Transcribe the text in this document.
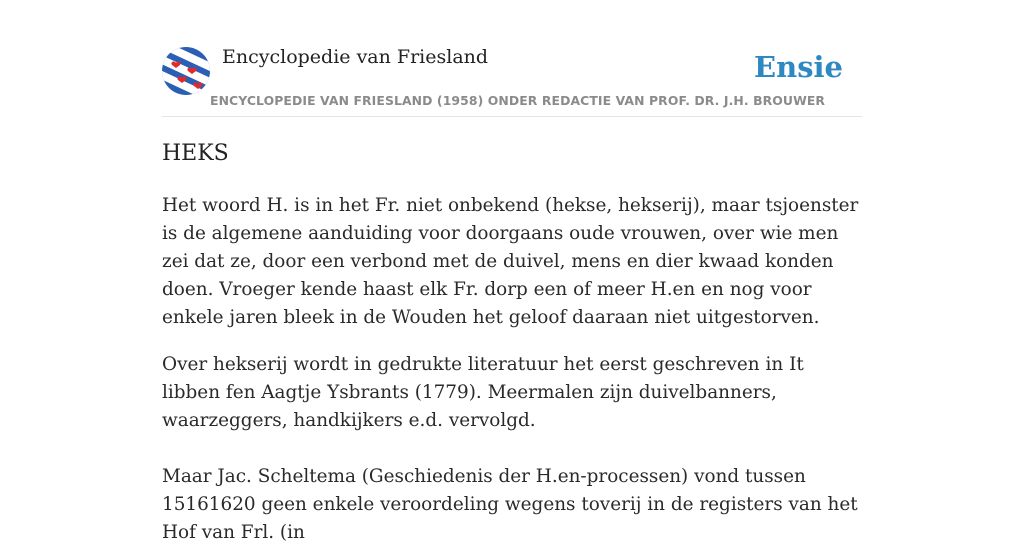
Encyclopedie van Friesland
ENCYCLOPEDIE VAN FRIESLAND (1958) ONDER REDACTIE VAN PROF. DR. J.H. BROUWER
Ensie
HEKS

Het woord H. is in het Fr. niet onbekend (hekse, hekserij), maar tsjoenster is de algemene aanduiding voor doorgaans oude vrouwen, over wie men zei dat ze, door een verbond met de duivel, mens en dier kwaad konden doen. Vroeger kende haast elk Fr. dorp een of meer H.en en nog voor enkele jaren bleek in de Wouden het geloof daaraan niet uitgestorven.

Over hekserij wordt in gedrukte literatuur het eerst geschreven in It libben fen Aagtje Ysbrants (1779). Meermalen zijn duivelbanners, waarzeggers, handkijkers e.d. vervolgd.

Maar Jac. Scheltema (Geschiedenis der H.en-processen) vond tussen 15161620 geen enkele veroordeling wegens toverij in de registers van het Hof van Frl. (in
